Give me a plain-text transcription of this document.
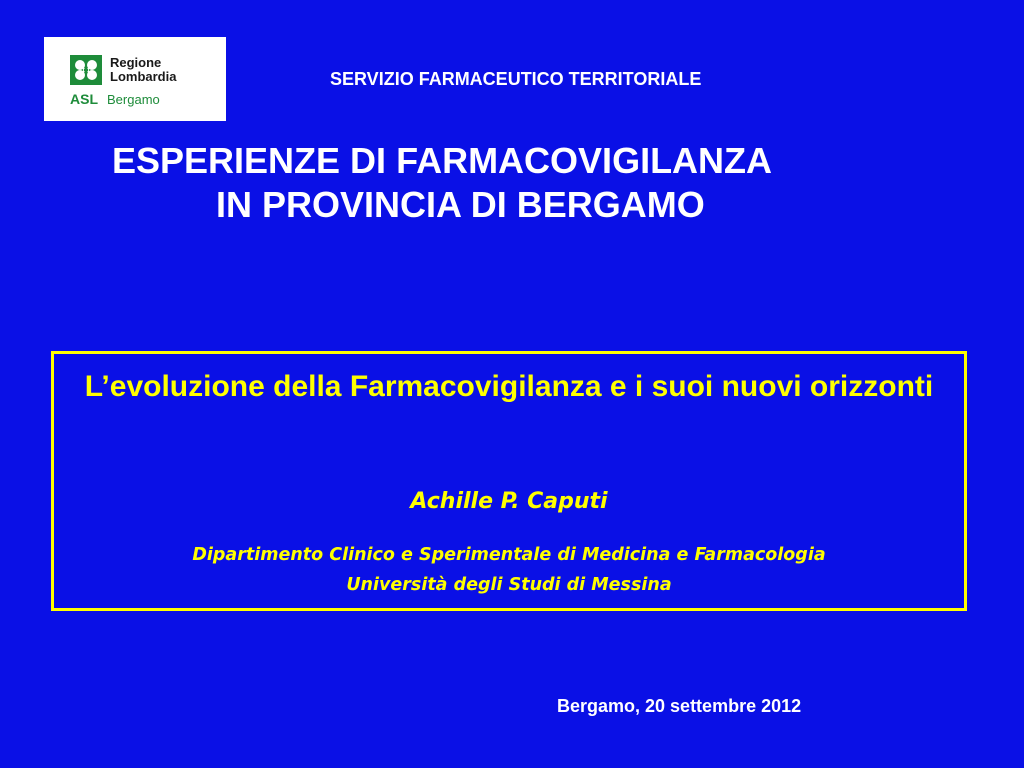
Regione
Lombardia
ASL Bergamo
SERVIZIO FARMACEUTICO TERRITORIALE
ESPERIENZE DI FARMACOVIGILANZA
IN PROVINCIA DI BERGAMO
L’evoluzione della Farmacovigilanza e i suoi nuovi orizzonti
Achille P. Caputi
Dipartimento Clinico e Sperimentale di Medicina e Farmacologia
Università degli Studi di Messina
Bergamo, 20 settembre 2012
